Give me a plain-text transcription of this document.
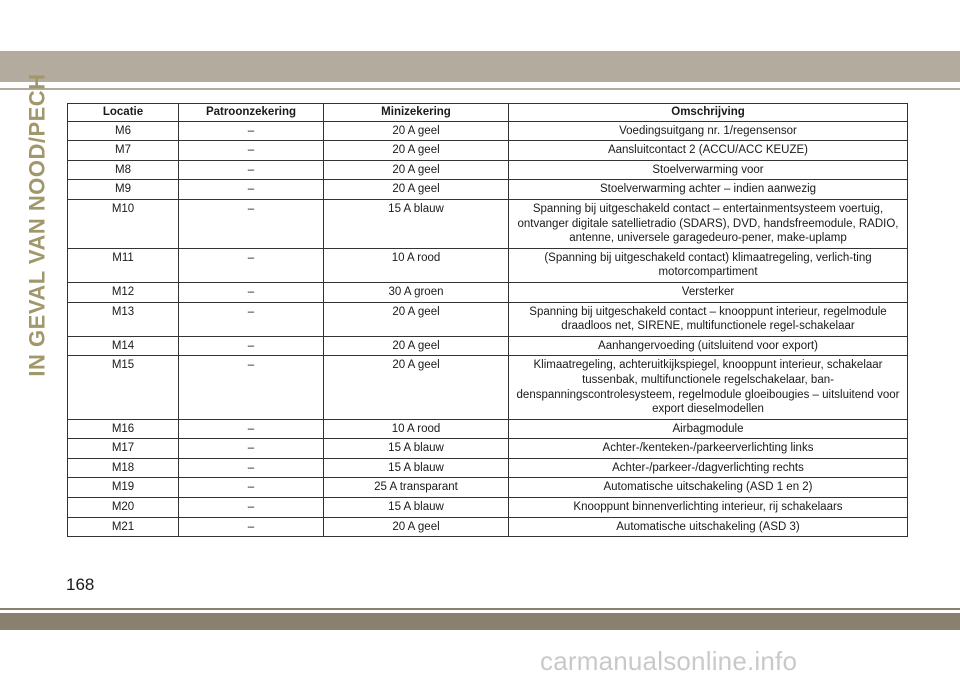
IN GEVAL VAN NOOD/PECH	Locatie	Patroonzekering	Minizekering	Omschrijving
M6	–	20 A geel	Voedingsuitgang nr. 1/regensensor
M7	–	20 A geel	Aansluitcontact 2 (ACCU/ACC KEUZE)
M8	–	20 A geel	Stoelverwarming voor
M9	–	20 A geel	Stoelverwarming achter – indien aanwezig
M10	–	15 A blauw	Spanning bij uitgeschakeld contact – entertainmentsysteem voertuig, ontvanger digitale satellietradio (SDARS), DVD, handsfreemodule, RADIO, antenne, universele garagedeuro-pener, make-uplamp
M11	–	10 A rood	(Spanning bij uitgeschakeld contact) klimaatregeling, verlich-ting motorcompartiment
M12	–	30 A groen	Versterker
M13	–	20 A geel	Spanning bij uitgeschakeld contact – knooppunt interieur, regelmodule draadloos net, SIRENE, multifunctionele regel-schakelaar
M14	–	20 A geel	Aanhangervoeding (uitsluitend voor export)
M15	–	20 A geel	Klimaatregeling, achteruitkijkspiegel, knooppunt interieur, schakelaar tussenbak, multifunctionele regelschakelaar, ban-denspanningscontrolesysteem, regelmodule gloeibougies – uitsluitend voor export dieselmodellen
M16	–	10 A rood	Airbagmodule
M17	–	15 A blauw	Achter-/kenteken-/parkeerverlichting links
M18	–	15 A blauw	Achter-/parkeer-/dagverlichting rechts
M19	–	25 A transparant	Automatische uitschakeling (ASD 1 en 2)
M20	–	15 A blauw	Knooppunt binnenverlichting interieur, rij schakelaars
M21	–	20 A geel	Automatische uitschakeling (ASD 3)
168
carmanualsonline.info
